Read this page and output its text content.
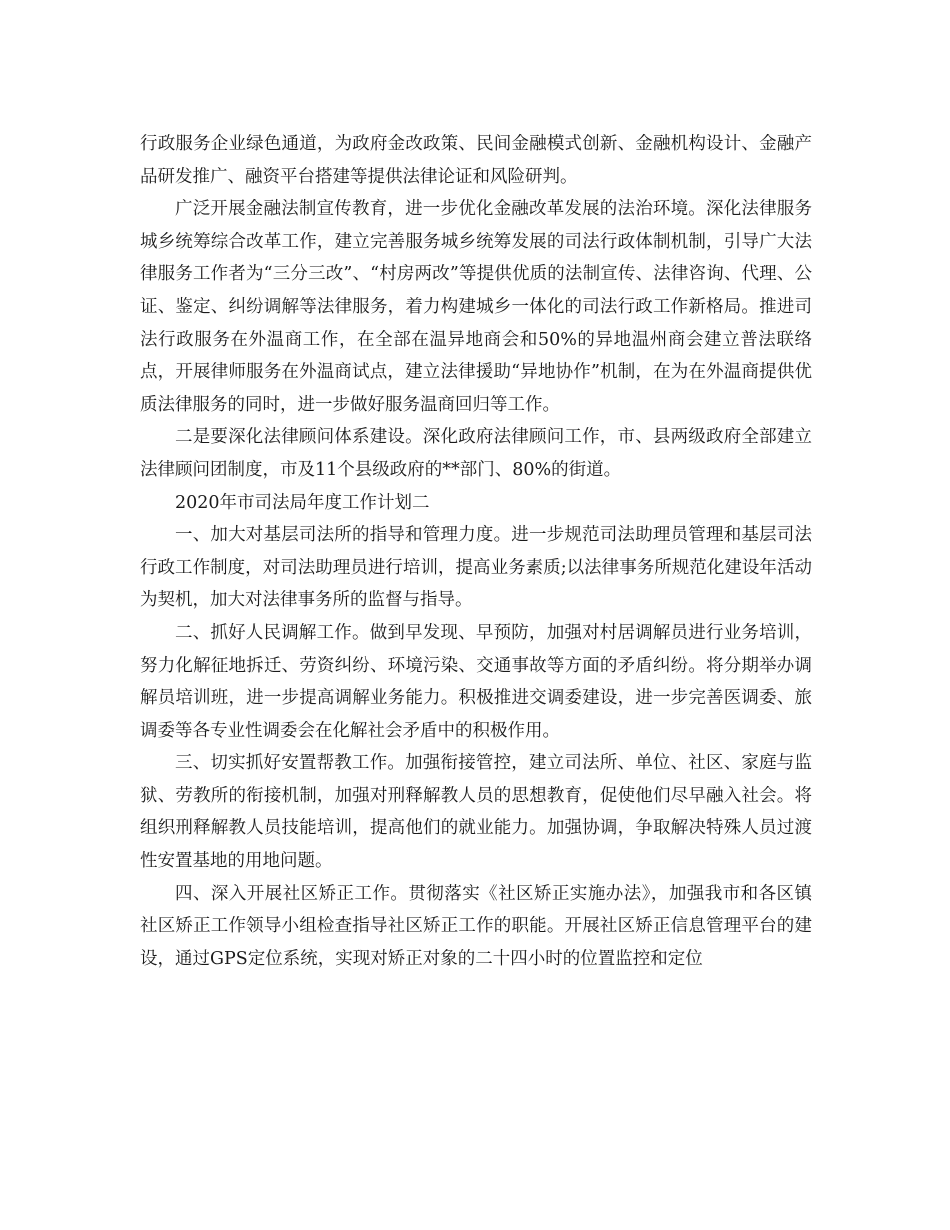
行政服务企业绿色通道，为政府金改政策、民间金融模式创新、金融机构设计、金融产品研发推广、融资平台搭建等提供法律论证和风险研判。

广泛开展金融法制宣传教育，进一步优化金融改革发展的法治环境。深化法律服务城乡统筹综合改革工作，建立完善服务城乡统筹发展的司法行政体制机制，引导广大法律服务工作者为“三分三改”、“村房两改”等提供优质的法制宣传、法律咨询、代理、公证、鉴定、纠纷调解等法律服务，着力构建城乡一体化的司法行政工作新格局。推进司法行政服务在外温商工作，在全部在温异地商会和50%的异地温州商会建立普法联络点，开展律师服务在外温商试点，建立法律援助“异地协作”机制，在为在外温商提供优质法律服务的同时，进一步做好服务温商回归等工作。

二是要深化法律顾问体系建设。深化政府法律顾问工作，市、县两级政府全部建立法律顾问团制度，市及11个县级政府的**部门、80%的街道。

2020年市司法局年度工作计划二

一、加大对基层司法所的指导和管理力度。进一步规范司法助理员管理和基层司法行政工作制度，对司法助理员进行培训，提高业务素质;以法律事务所规范化建设年活动为契机，加大对法律事务所的监督与指导。

二、抓好人民调解工作。做到早发现、早预防，加强对村居调解员进行业务培训，努力化解征地拆迁、劳资纠纷、环境污染、交通事故等方面的矛盾纠纷。将分期举办调解员培训班，进一步提高调解业务能力。积极推进交调委建设，进一步完善医调委、旅调委等各专业性调委会在化解社会矛盾中的积极作用。

三、切实抓好安置帮教工作。加强衔接管控，建立司法所、单位、社区、家庭与监狱、劳教所的衔接机制，加强对刑释解教人员的思想教育，促使他们尽早融入社会。将组织刑释解教人员技能培训，提高他们的就业能力。加强协调，争取解决特殊人员过渡性安置基地的用地问题。

四、深入开展社区矫正工作。贯彻落实《社区矫正实施办法》，加强我市和各区镇社区矫正工作领导小组检查指导社区矫正工作的职能。开展社区矫正信息管理平台的建设，通过GPS定位系统，实现对矫正对象的二十四小时的位置监控和定位
